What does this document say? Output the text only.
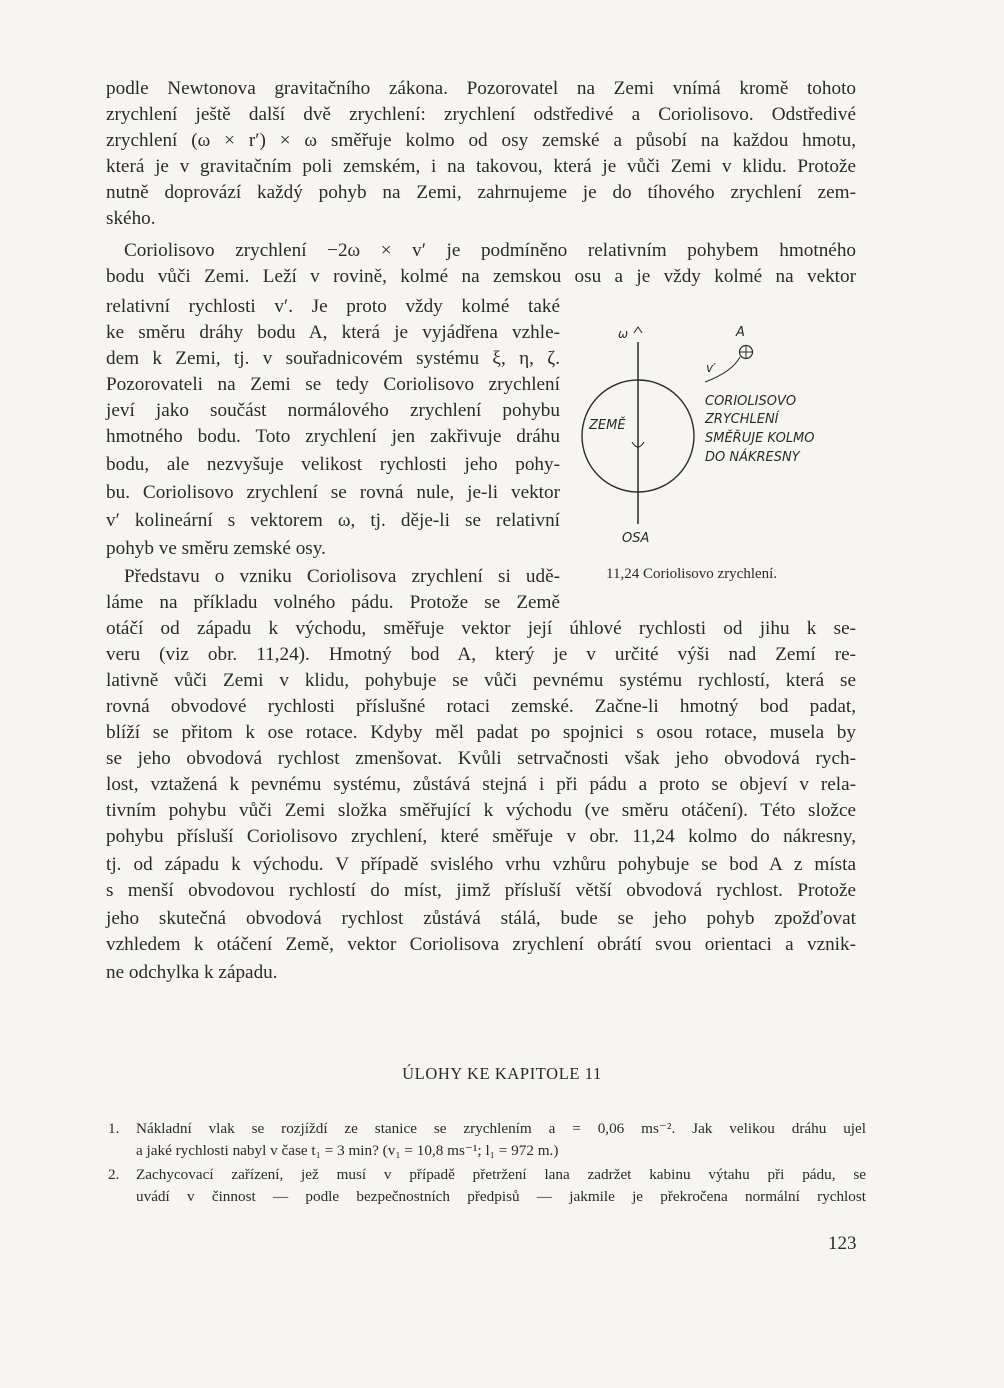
podle Newtonova gravitačního zákona. Pozorovatel na Zemi vnímá kromě tohoto

zrychlení ještě další dvě zrychlení: zrychlení odstředivé a Coriolisovo. Odstředivé

zrychlení (ω × r′) × ω směřuje kolmo od osy zemské a působí na každou hmotu,

která je v gravitačním poli zemském, i na takovou, která je vůči Zemi v klidu. Protože

nutně doprovází každý pohyb na Zemi, zahrnujeme je do tíhového zrychlení zem-

ského.

Coriolisovo zrychlení −2ω × v′ je podmíněno relativním pohybem hmotného

bodu vůči Zemi. Leží v rovině, kolmé na zemskou osu a je vždy kolmé na vektor

relativní rychlosti v′. Je proto vždy kolmé také

ke směru dráhy bodu A, která je vyjádřena vzhle-

dem k Zemi, tj. v souřadnicovém systému ξ, η, ζ.

Pozorovateli na Zemi se tedy Coriolisovo zrychlení

jeví jako součást normálového zrychlení pohybu

hmotného bodu. Toto zrychlení jen zakřivuje dráhu

bodu, ale nezvyšuje velikost rychlosti jeho pohy-

bu. Coriolisovo zrychlení se rovná nule, je-li vektor

v′ kolineární s vektorem ω, tj. děje-li se relativní

pohyb ve směru zemské osy.

Představu o vzniku Coriolisova zrychlení si udě-

láme na příkladu volného pádu. Protože se Země

otáčí od západu k východu, směřuje vektor její úhlové rychlosti od jihu k se-

veru (viz obr. 11,24). Hmotný bod A, který je v určité výši nad Zemí re-

lativně vůči Zemi v klidu, pohybuje se vůči pevnému systému rychlostí, která se

rovná obvodové rychlosti příslušné rotaci zemské. Začne-li hmotný bod padat,

blíží se přitom k ose rotace. Kdyby měl padat po spojnici s osou rotace, musela by

se jeho obvodová rychlost zmenšovat. Kvůli setrvačnosti však jeho obvodová rych-

lost, vztažená k pevnému systému, zůstává stejná i při pádu a proto se objeví v rela-

tivním pohybu vůči Zemi složka směřující k východu (ve směru otáčení). Této složce

pohybu přísluší Coriolisovo zrychlení, které směřuje v obr. 11,24 kolmo do nákresny,

tj. od západu k východu. V případě svislého vrhu vzhůru pohybuje se bod A z místa

s menší obvodovou rychlostí do míst, jimž přísluší větší obvodová rychlost. Protože

jeho skutečná obvodová rychlost zůstává stálá, bude se jeho pohyb zpožďovat

vzhledem k otáčení Země, vektor Coriolisova zrychlení obrátí svou orientaci a vznik-

ne odchylka k západu.

ω	A
v′
ZEMĚ
OSA
CORIOLISOVO
ZRYCHLENÍ
SMĚŘUJE KOLMO
DO NÁKRESNY
11,24 Coriolisovo zrychlení.
ÚLOHY KE KAPITOLE 11
1.	Nákladní vlak se rozjíždí ze stanice se zrychlením a = 0,06 ms⁻². Jak velikou dráhu ujel
a jaké rychlosti nabyl v čase t₁ = 3 min? (v₁ = 10,8 ms⁻¹; l₁ = 972 m.)
2.	Zachycovací zařízení, jež musí v případě přetržení lana zadržet kabinu výtahu při pádu, se
uvádí v činnost — podle bezpečnostních předpisů — jakmile je překročena normální rychlost
123
